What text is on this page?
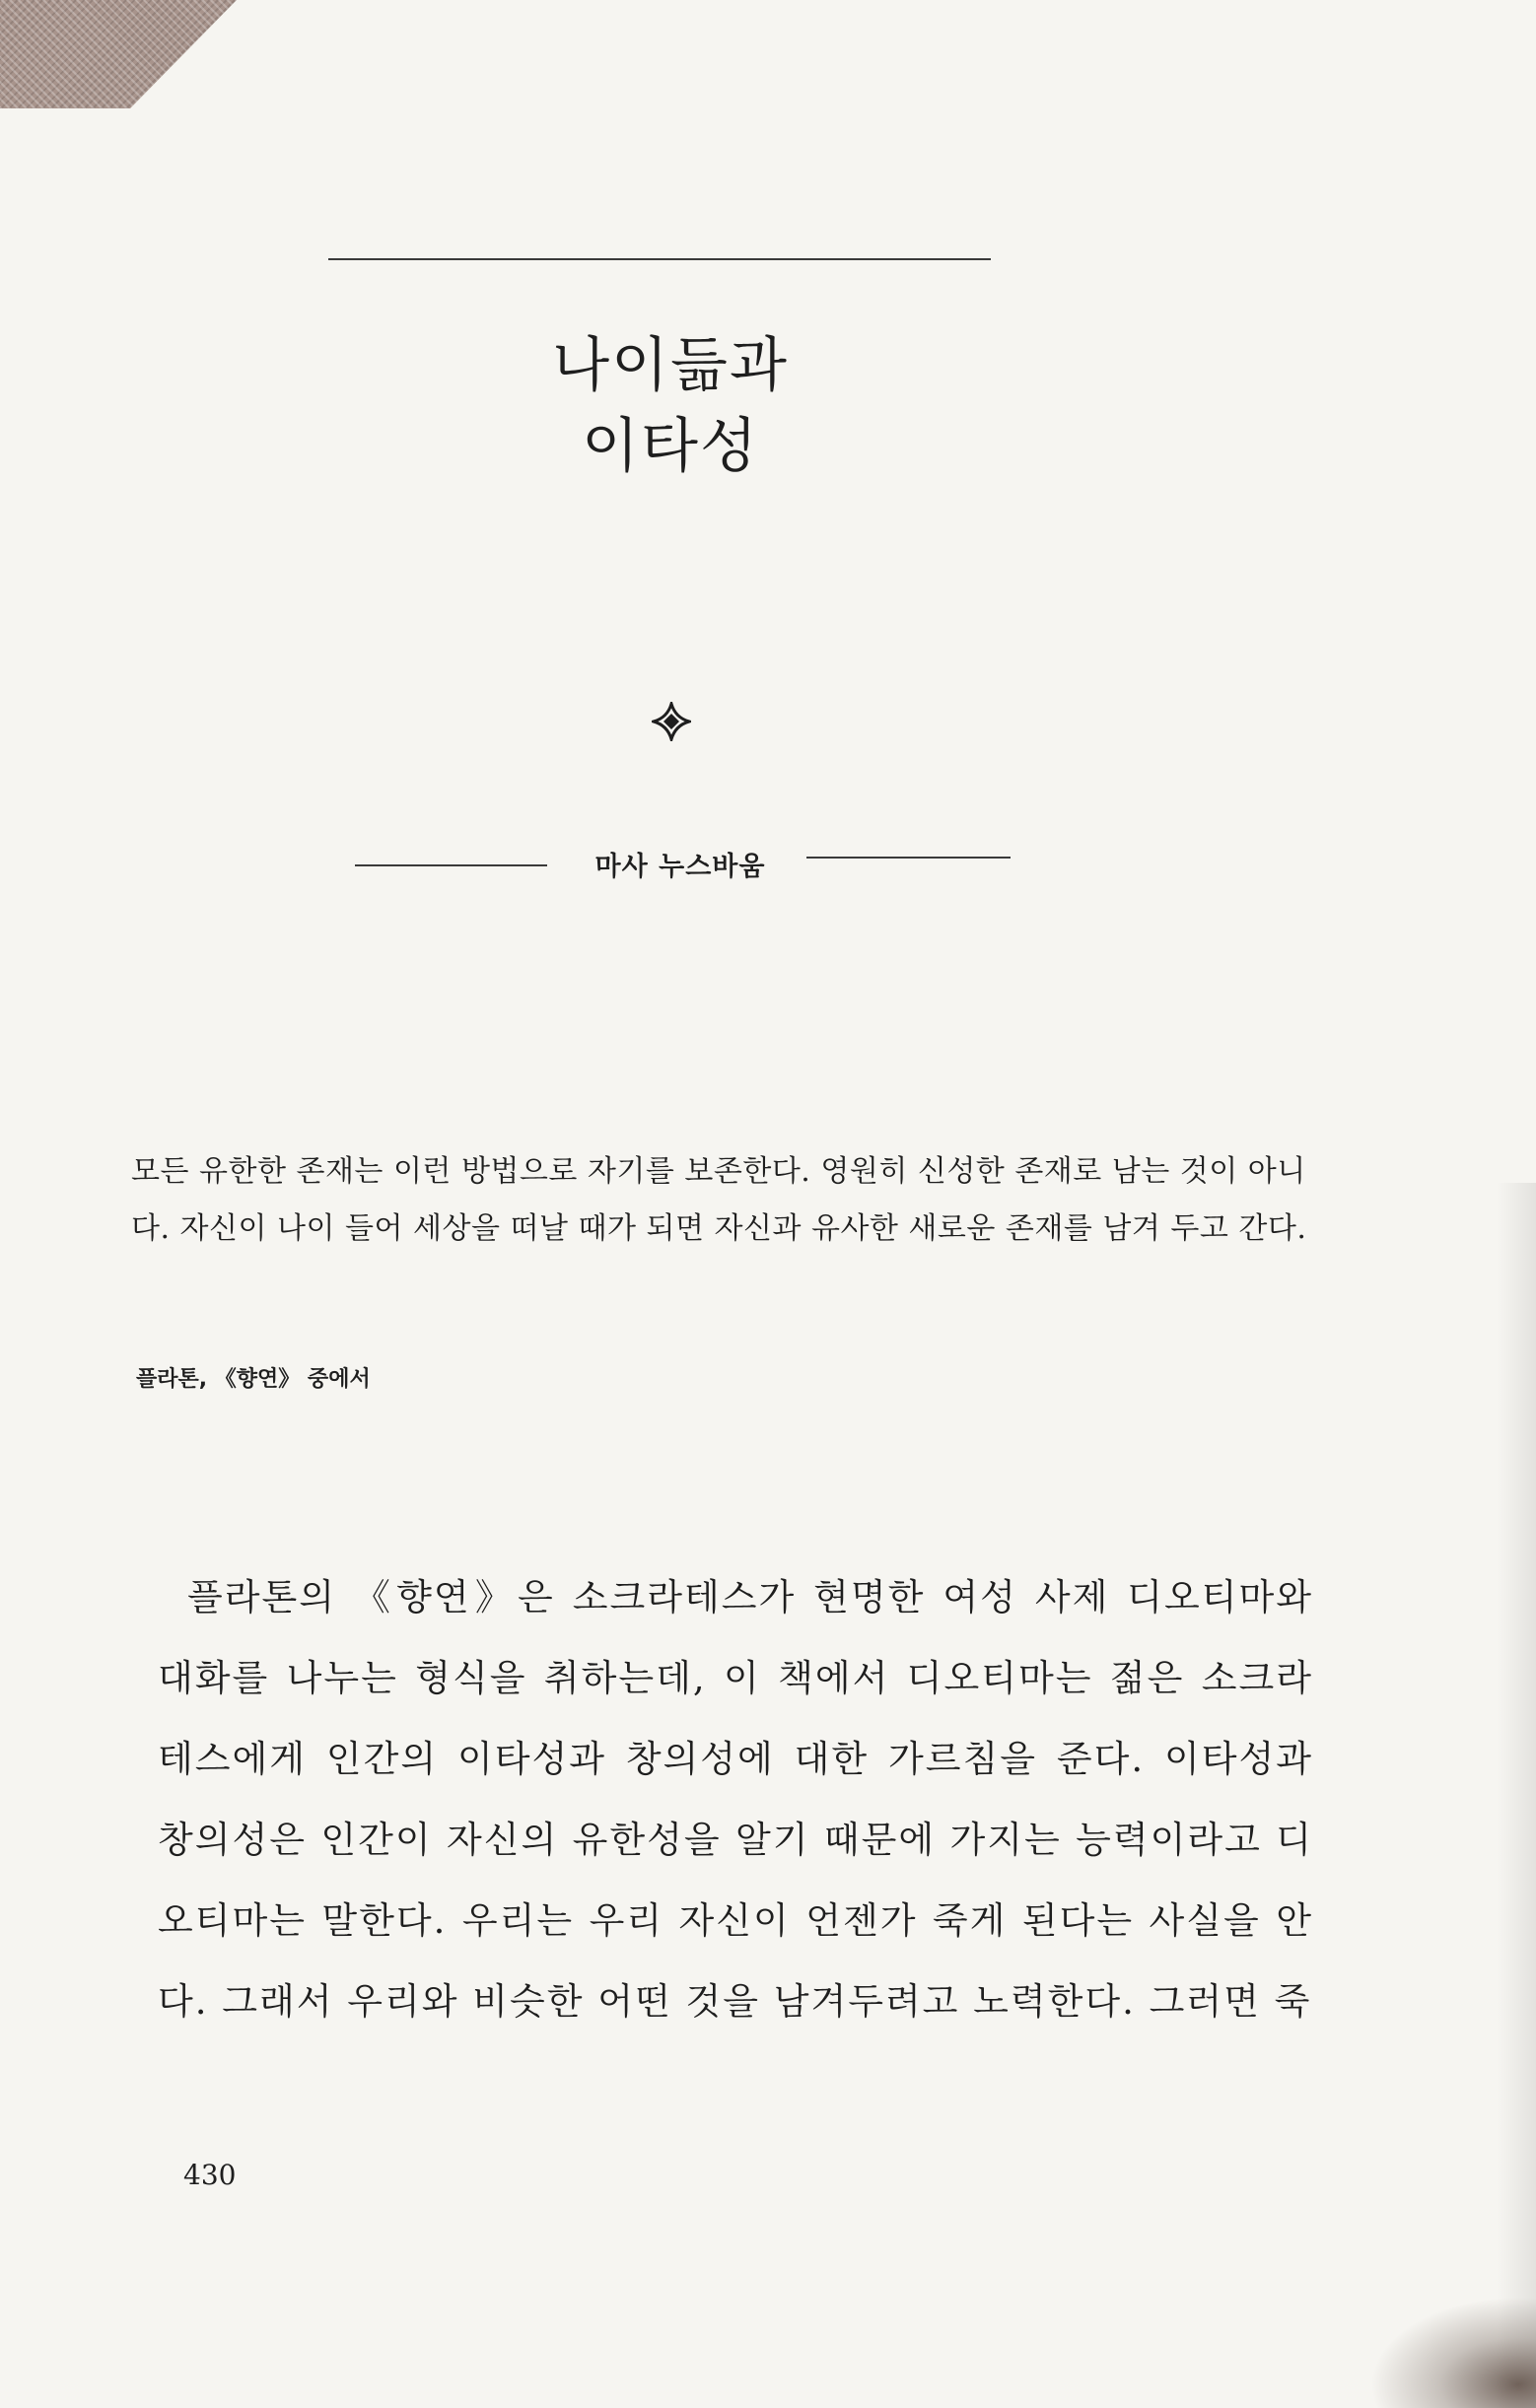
나이듦과
이타성
마사 누스바움

모든 유한한 존재는 이런 방법으로 자기를 보존한다. 영원히 신성한 존재로 남는 것이 아니다. 자신이 나이 들어 세상을 떠날 때가 되면 자신과 유사한 새로운 존재를 남겨 두고 간다.

플라톤, 《향연》 중에서

플라톤의 《향연》은 소크라테스가 현명한 여성 사제 디오티마와 대화를 나누는 형식을 취하는데, 이 책에서 디오티마는 젊은 소크라테스에게 인간의 이타성과 창의성에 대한 가르침을 준다. 이타성과 창의성은 인간이 자신의 유한성을 알기 때문에 가지는 능력이라고 디오티마는 말한다. 우리는 우리 자신이 언젠가 죽게 된다는 사실을 안다. 그래서 우리와 비슷한 어떤 것을 남겨두려고 노력한다. 그러면 죽

430
